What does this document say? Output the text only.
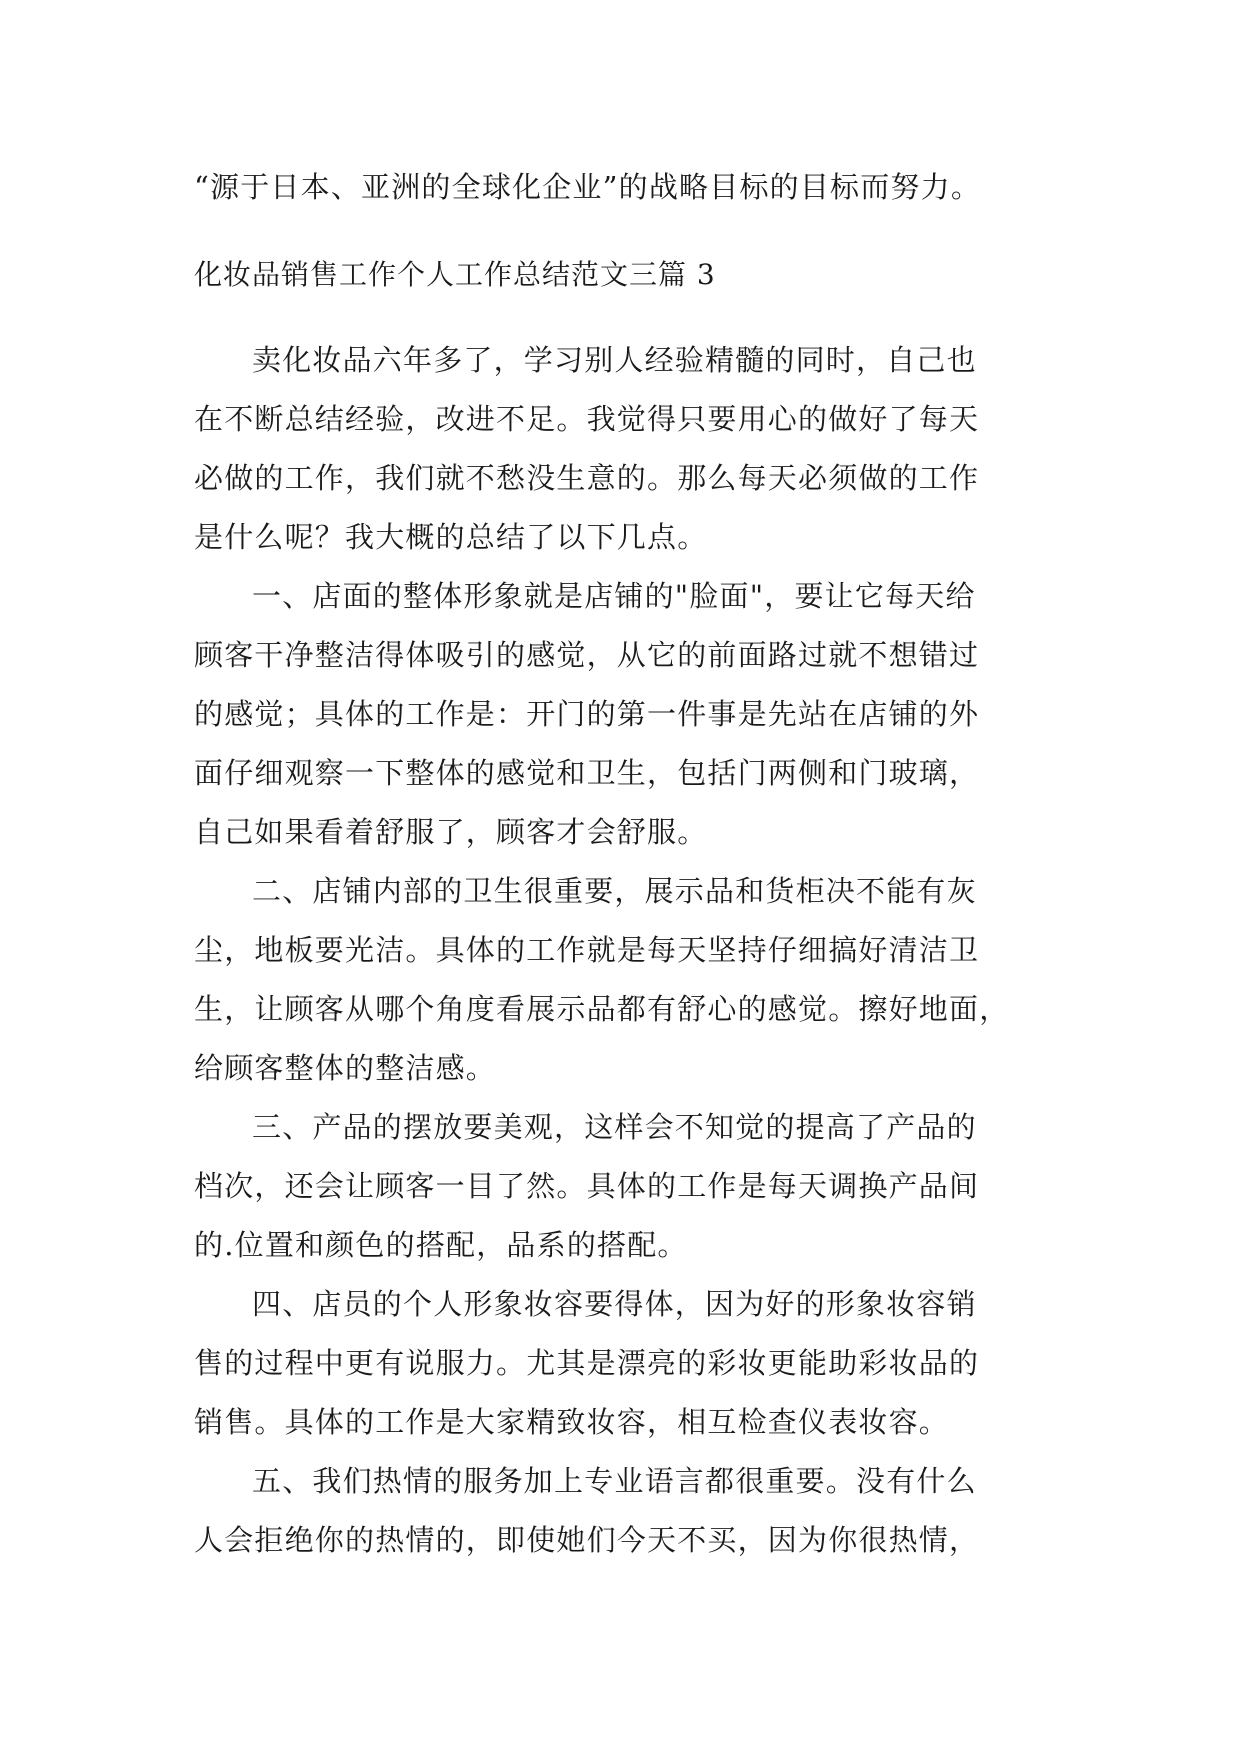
“源于日本、亚洲的全球化企业”的战略目标的目标而努力。

化妆品销售工作个人工作总结范文三篇 3

卖化妆品六年多了，学习别人经验精髓的同时，自己也

在不断总结经验，改进不足。我觉得只要用心的做好了每天

必做的工作，我们就不愁没生意的。那么每天必须做的工作

是什么呢？我大概的总结了以下几点。

一、店面的整体形象就是店铺的"脸面"，要让它每天给

顾客干净整洁得体吸引的感觉，从它的前面路过就不想错过

的感觉；具体的工作是：开门的第一件事是先站在店铺的外

面仔细观察一下整体的感觉和卫生，包括门两侧和门玻璃，

自己如果看着舒服了，顾客才会舒服。

二、店铺内部的卫生很重要，展示品和货柜决不能有灰

尘，地板要光洁。具体的工作就是每天坚持仔细搞好清洁卫

生，让顾客从哪个角度看展示品都有舒心的感觉。擦好地面，

给顾客整体的整洁感。

三、产品的摆放要美观，这样会不知觉的提高了产品的

档次，还会让顾客一目了然。具体的工作是每天调换产品间

的.位置和颜色的搭配，品系的搭配。

四、店员的个人形象妆容要得体，因为好的形象妆容销

售的过程中更有说服力。尤其是漂亮的彩妆更能助彩妆品的

销售。具体的工作是大家精致妆容，相互检查仪表妆容。

五、我们热情的服务加上专业语言都很重要。没有什么

人会拒绝你的热情的，即使她们今天不买，因为你很热情，
